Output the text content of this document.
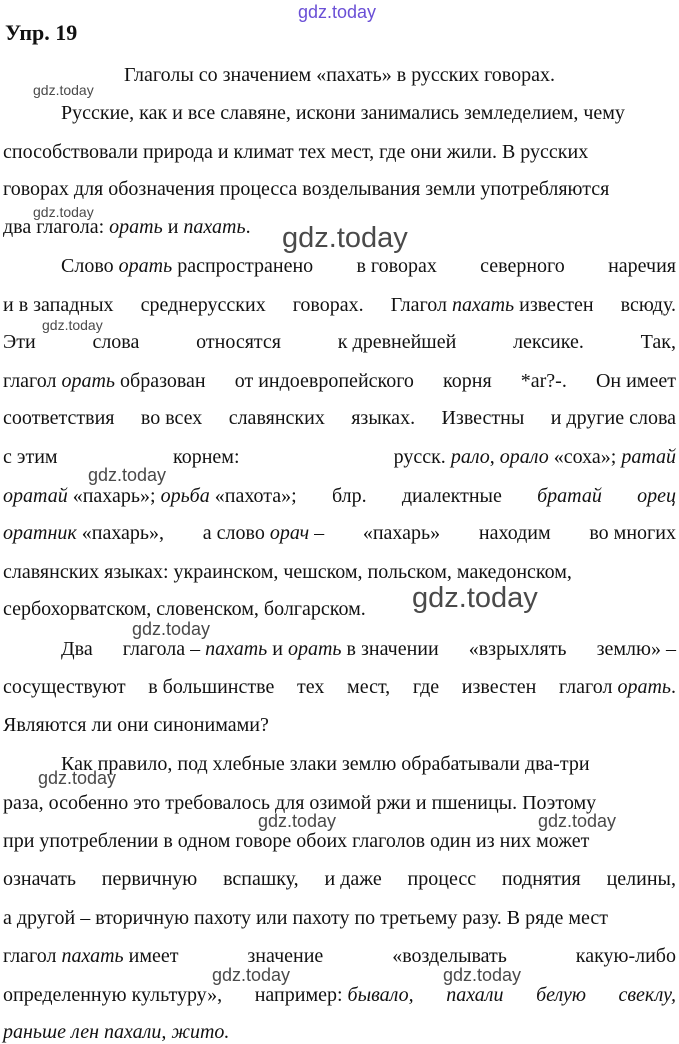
gdz.today
gdz.today
gdz.today
gdz.today
gdz.today
gdz.today
gdz.today
gdz.today
gdz.today
gdz.today	gdz.today
gdz.today	gdz.today
Упр. 19
Глаголы со значением «пахать» в русских говорах.
Русские, как и все славяне, искони занимались земледелием, чему
способствовали природа и климат тех мест, где они жили. В русских
говорах для обозначения процесса возделывания земли употребляются
два глагола: орать и пахать.
Слово орать распространено в говорах северного наречия
и в западных среднерусских говорах. Глагол пахать известен всюду.
Эти	слова	относятся	к древнейшей	лексике.	Так,
глагол орать образован от индоевропейского корня *ar?-. Он имеет
соответствия во всех славянских языках. Известны и другие слова
с этим	корнем:	русск. рало, орало «соха»; ратай
оратай «пахарь»; орьба «пахота»; блр. диалектные братай орец
оратник «пахарь», а слово орач – «пахарь» находим во многих
славянских языках: украинском, чешском, польском, македонском,
сербохорватском, словенском, болгарском.
Два глагола – пахать и орать в значении «взрыхлять землю» –
сосуществуют в большинстве тех мест, где известен глагол орать.
Являются ли они синонимами?
Как правило, под хлебные злаки землю обрабатывали два-три
раза, особенно это требовалось для озимой ржи и пшеницы. Поэтому
при употреблении в одном говоре обоих глаголов один из них может
означать первичную вспашку, и даже процесс поднятия целины,
а другой – вторичную пахоту или пахоту по третьему разу. В ряде мест
глагол пахать имеет	значение	«возделывать	какую-либо
определенную культуру», например: бывало, пахали белую свеклу,
раньше лен пахали, жито.
